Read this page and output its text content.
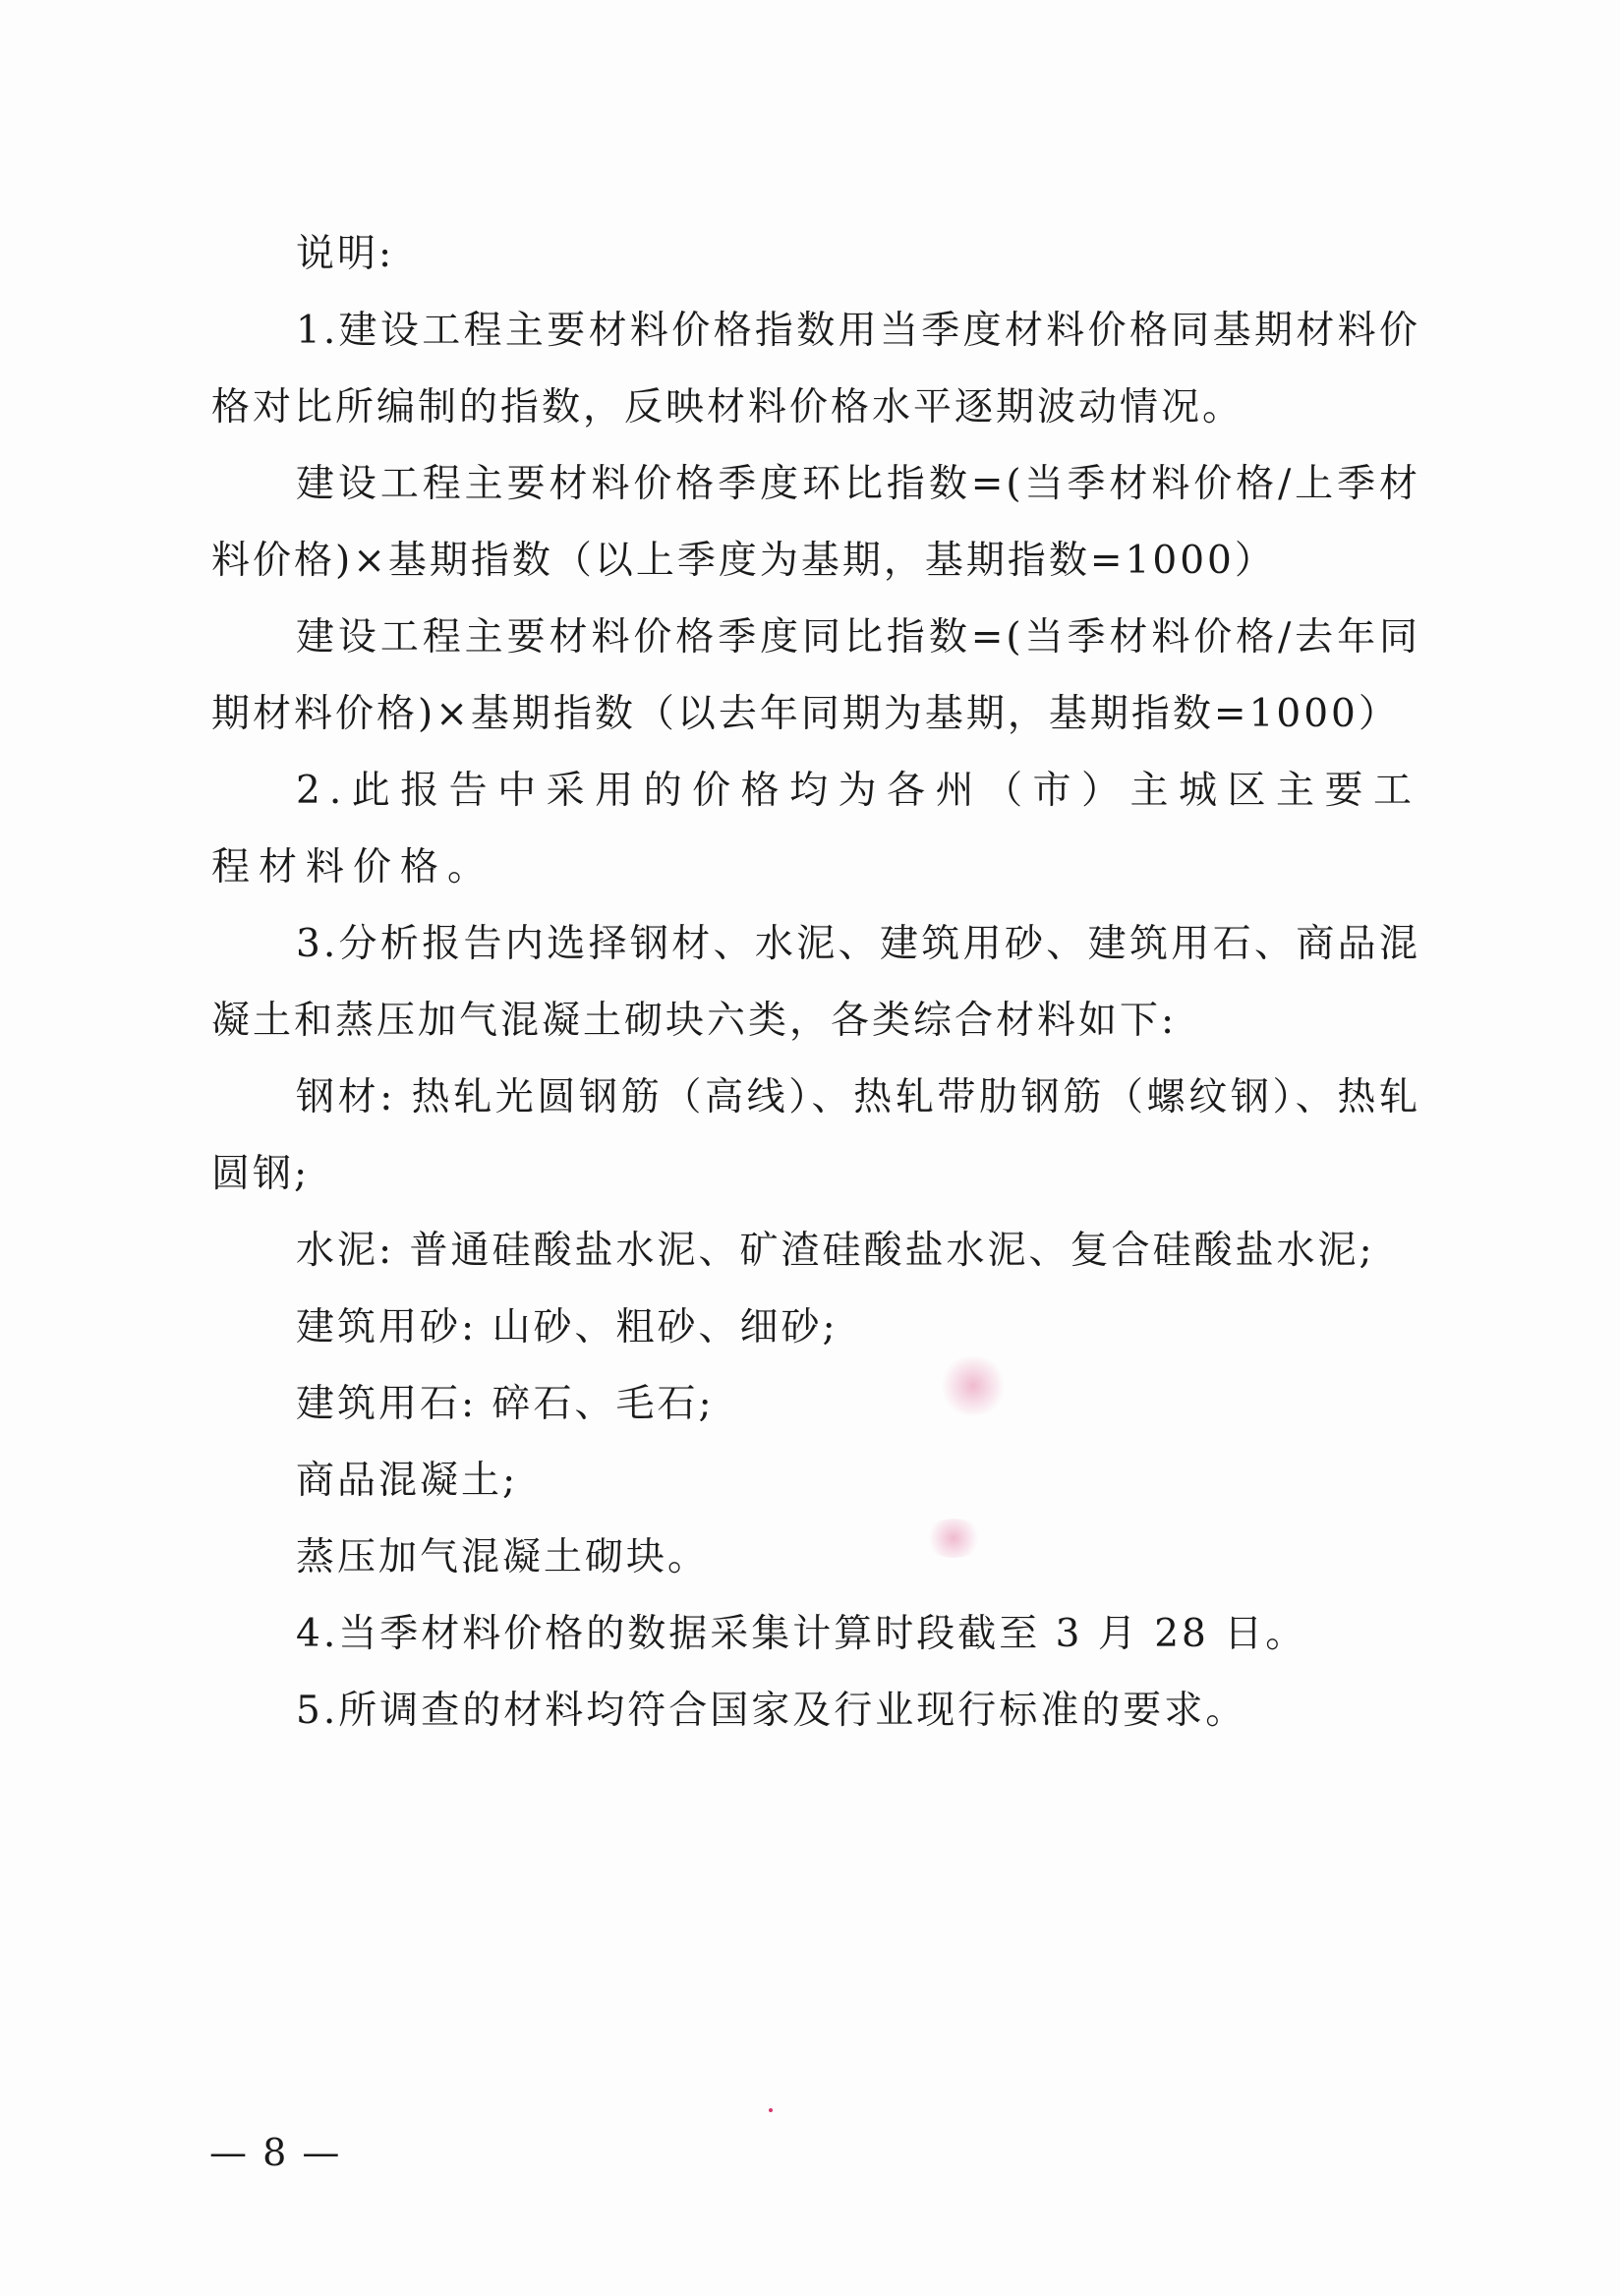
说明:

1.建设工程主要材料价格指数用当季度材料价格同基期材料价格对比所编制的指数，反映材料价格水平逐期波动情况。

建设工程主要材料价格季度环比指数=(当季材料价格/上季材料价格)×基期指数（以上季度为基期，基期指数=1000）

建设工程主要材料价格季度同比指数=(当季材料价格/去年同期材料价格)×基期指数（以去年同期为基期，基期指数=1000）

2.此报告中采用的价格均为各州（市）主城区主要工程材料价格。

3.分析报告内选择钢材、水泥、建筑用砂、建筑用石、商品混凝土和蒸压加气混凝土砌块六类，各类综合材料如下:

钢材: 热轧光圆钢筋（高线）、热轧带肋钢筋（螺纹钢）、热轧圆钢;

水泥: 普通硅酸盐水泥、矿渣硅酸盐水泥、复合硅酸盐水泥;

建筑用砂: 山砂、粗砂、细砂;

建筑用石: 碎石、毛石;

商品混凝土;

蒸压加气混凝土砌块。

4.当季材料价格的数据采集计算时段截至 3 月 28 日。

5.所调查的材料均符合国家及行业现行标准的要求。

— 8 —
